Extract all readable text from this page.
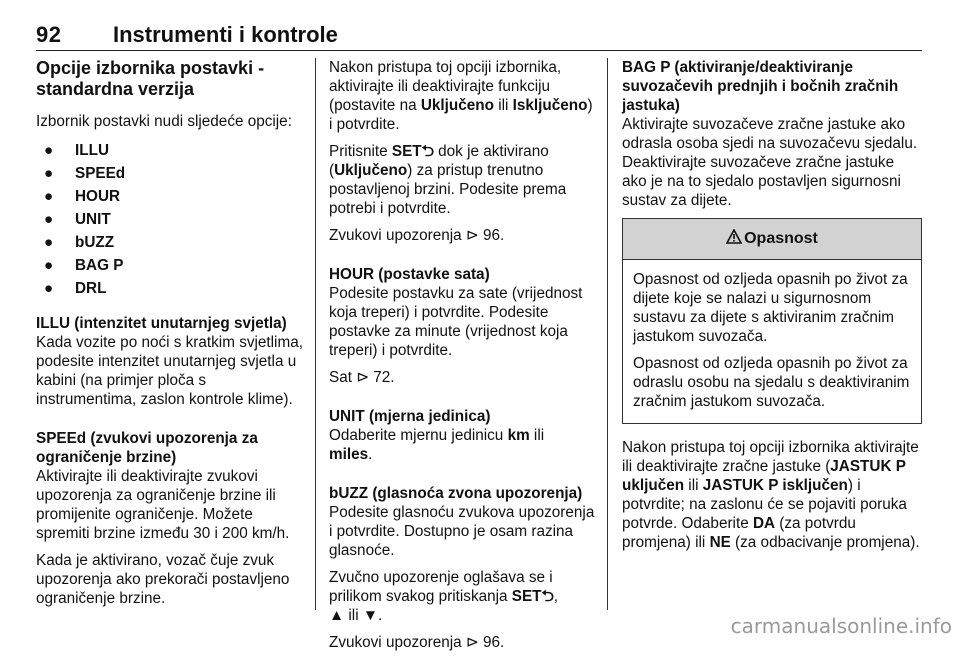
92 Instrumenti i kontrole
Opcije izbornika postavki - standardna verzija

Izbornik postavki nudi sljedeće opcije:

● ILLU
● SPEEd
● HOUR
● UNIT
● bUZZ
● BAG P
● DRL
ILLU (intenzitet unutarnjeg svjetla)

Kada vozite po noći s kratkim svjetlima, podesite intenzitet unutarnjeg svjetla u kabini (na primjer ploča s instrumentima, zaslon kontrole klime).

SPEEd (zvukovi upozorenja za ograničenje brzine)

Aktivirajte ili deaktivirajte zvukovi upozorenja za ograničenje brzine ili promijenite ograničenje. Možete spremiti brzine između 30 i 200 km/h.

Kada je aktivirano, vozač čuje zvuk upozorenja ako prekorači postavljeno ograničenje brzine.

Nakon pristupa toj opciji izbornika, aktivirajte ili deaktivirajte funkciju (postavite na Uključeno ili Isključeno) i potvrdite.

Pritisnite SET⮌ dok je aktivirano (Uključeno) za pristup trenutno postavljenoj brzini. Podesite prema potrebi i potvrdite.

Zvukovi upozorenja ⊳ 96.

HOUR (postavke sata)

Podesite postavku za sate (vrijednost koja treperi) i potvrdite. Podesite postavke za minute (vrijednost koja treperi) i potvrdite.

Sat ⊳ 72.

UNIT (mjerna jedinica)

Odaberite mjernu jedinicu km ili
miles.

bUZZ (glasnoća zvona upozorenja)

Podesite glasnoću zvukova upozorenja i potvrdite. Dostupno je osam razina glasnoće.

Zvučno upozorenje oglašava se i prilikom svakog pritiskanja SET⮌,
▲ ili ▼.

Zvukovi upozorenja ⊳ 96.

BAG P (aktiviranje/deaktiviranje suvozačevih prednjih i bočnih zračnih jastuka)

Aktivirajte suvozačeve zračne jastuke ako odrasla osoba sjedi na suvozačevu sjedalu. Deaktivirajte suvozačeve zračne jastuke ako je na to sjedalo postavljen sigurnosni sustav za dijete.

Opasnost

Opasnost od ozljeda opasnih po život za dijete koje se nalazi u sigurnosnom sustavu za dijete s aktiviranim zračnim jastukom suvozača.

Opasnost od ozljeda opasnih po život za odraslu osobu na sjedalu s deaktiviranim zračnim jastukom suvozača.

Nakon pristupa toj opciji izbornika aktivirajte ili deaktivirajte zračne jastuke (JASTUK P uključen ili JASTUK P isključen) i potvrdite; na zaslonu će se pojaviti poruka potvrde. Odaberite DA (za potvrdu promjena) ili NE (za odbacivanje promjena).

carmanualsonline.info
